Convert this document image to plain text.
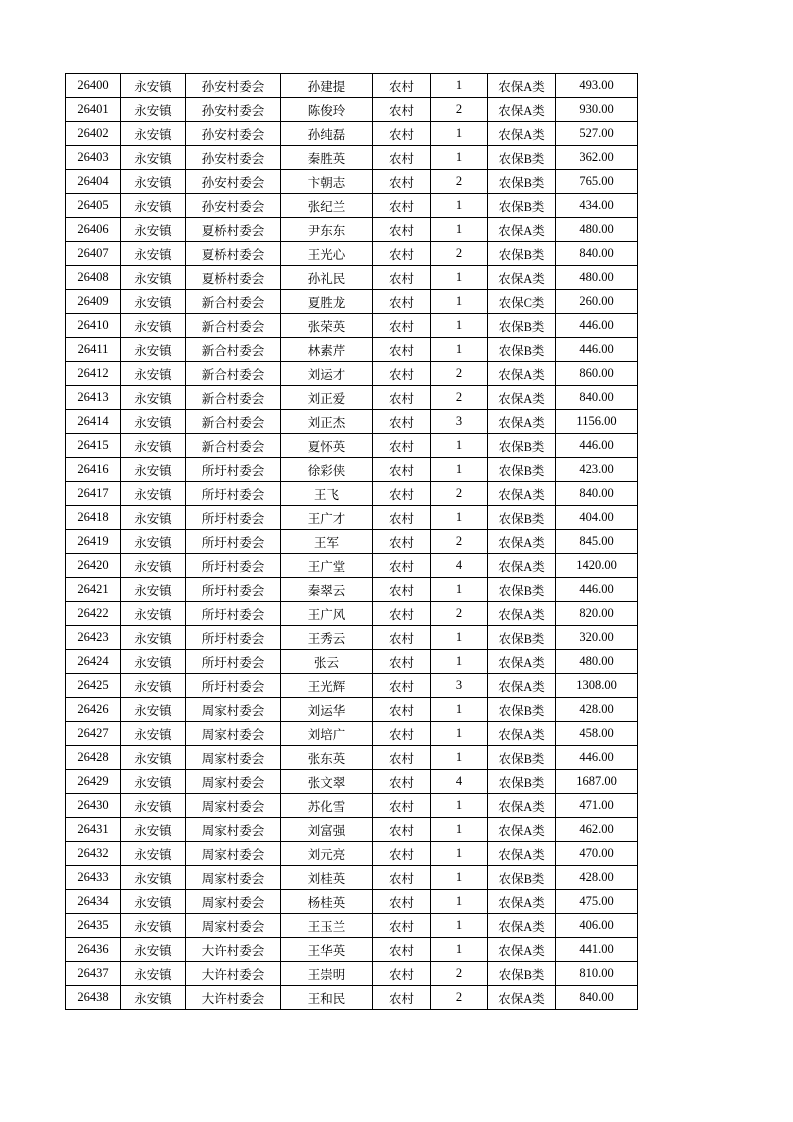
26400	永安镇	孙安村委会	孙建提	农村	1	农保A类	493.00
26401	永安镇	孙安村委会	陈俊玲	农村	2	农保A类	930.00
26402	永安镇	孙安村委会	孙纯磊	农村	1	农保A类	527.00
26403	永安镇	孙安村委会	秦胜英	农村	1	农保B类	362.00
26404	永安镇	孙安村委会	卞朝志	农村	2	农保B类	765.00
26405	永安镇	孙安村委会	张纪兰	农村	1	农保B类	434.00
26406	永安镇	夏桥村委会	尹东东	农村	1	农保A类	480.00
26407	永安镇	夏桥村委会	王光心	农村	2	农保B类	840.00
26408	永安镇	夏桥村委会	孙礼民	农村	1	农保A类	480.00
26409	永安镇	新合村委会	夏胜龙	农村	1	农保C类	260.00
26410	永安镇	新合村委会	张荣英	农村	1	农保B类	446.00
26411	永安镇	新合村委会	林素芹	农村	1	农保B类	446.00
26412	永安镇	新合村委会	刘运才	农村	2	农保A类	860.00
26413	永安镇	新合村委会	刘正爱	农村	2	农保A类	840.00
26414	永安镇	新合村委会	刘正杰	农村	3	农保A类	1156.00
26415	永安镇	新合村委会	夏怀英	农村	1	农保B类	446.00
26416	永安镇	所圩村委会	徐彩侠	农村	1	农保B类	423.00
26417	永安镇	所圩村委会	王飞	农村	2	农保A类	840.00
26418	永安镇	所圩村委会	王广才	农村	1	农保B类	404.00
26419	永安镇	所圩村委会	王军	农村	2	农保A类	845.00
26420	永安镇	所圩村委会	王广堂	农村	4	农保A类	1420.00
26421	永安镇	所圩村委会	秦翠云	农村	1	农保B类	446.00
26422	永安镇	所圩村委会	王广风	农村	2	农保A类	820.00
26423	永安镇	所圩村委会	王秀云	农村	1	农保B类	320.00
26424	永安镇	所圩村委会	张云	农村	1	农保A类	480.00
26425	永安镇	所圩村委会	王光辉	农村	3	农保A类	1308.00
26426	永安镇	周家村委会	刘运华	农村	1	农保B类	428.00
26427	永安镇	周家村委会	刘培广	农村	1	农保A类	458.00
26428	永安镇	周家村委会	张东英	农村	1	农保B类	446.00
26429	永安镇	周家村委会	张文翠	农村	4	农保B类	1687.00
26430	永安镇	周家村委会	苏化雪	农村	1	农保A类	471.00
26431	永安镇	周家村委会	刘富强	农村	1	农保A类	462.00
26432	永安镇	周家村委会	刘元亮	农村	1	农保A类	470.00
26433	永安镇	周家村委会	刘桂英	农村	1	农保B类	428.00
26434	永安镇	周家村委会	杨桂英	农村	1	农保A类	475.00
26435	永安镇	周家村委会	王玉兰	农村	1	农保A类	406.00
26436	永安镇	大许村委会	王华英	农村	1	农保A类	441.00
26437	永安镇	大许村委会	王崇明	农村	2	农保B类	810.00
26438	永安镇	大许村委会	王和民	农村	2	农保A类	840.00
